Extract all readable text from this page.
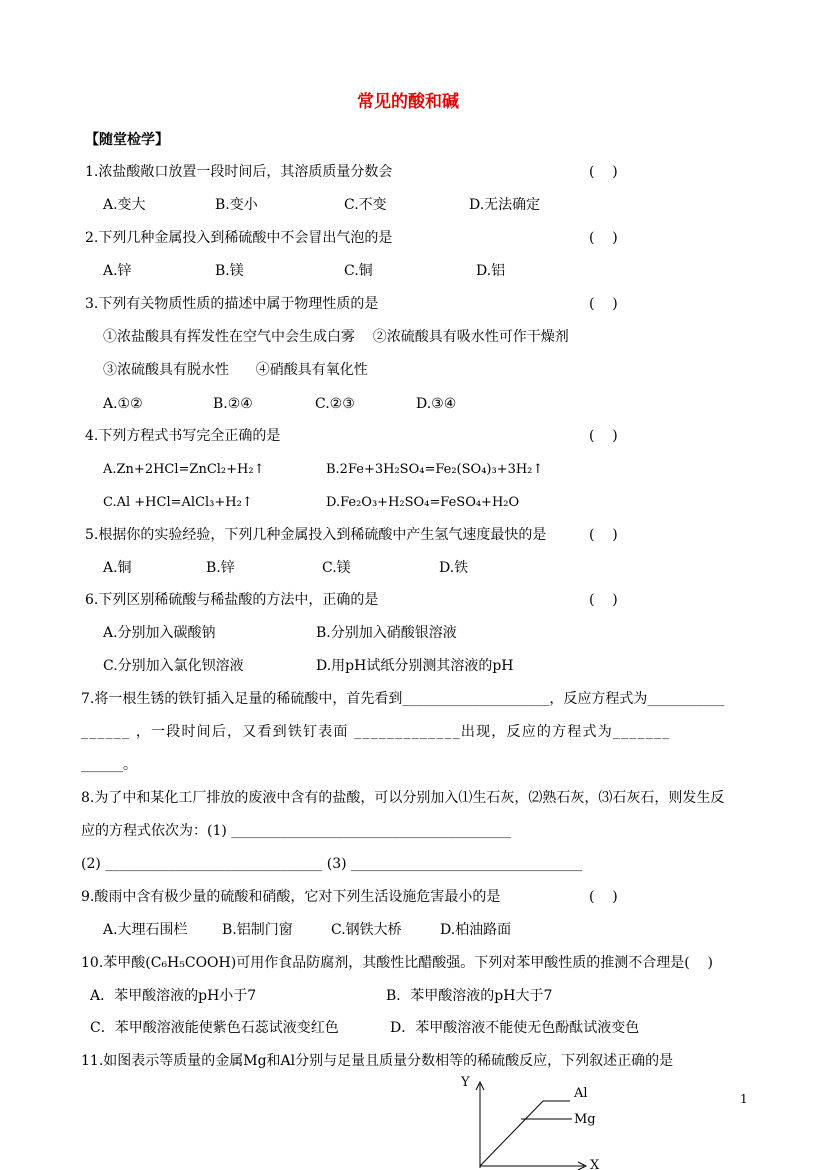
常见的酸和碱
【随堂检学】
1.浓盐酸敞口放置一段时间后，其溶质质量分数会	(    )
A.变大	B.变小	C.不变	D.无法确定
2.下列几种金属投入到稀硫酸中不会冒出气泡的是	(    )
A.锌	B.镁	C.铜	D.铝
3.下列有关物质性质的描述中属于物理性质的是	(    )
①浓盐酸具有挥发性在空气中会生成白雾    ②浓硫酸具有吸水性可作干燥剂
③浓硫酸具有脱水性      ④硝酸具有氧化性
A.①②	B.②④	C.②③	D.③④
4.下列方程式书写完全正确的是	(    )
A.Zn+2HCl=ZnCl₂+H₂↑	B.2Fe+3H₂SO₄=Fe₂(SO₄)₃+3H₂↑
C.Al +HCl=AlCl₃+H₂↑	D.Fe₂O₃+H₂SO₄=FeSO₄+H₂O
5.根据你的实验经验，下列几种金属投入到稀硫酸中产生氢气速度最快的是	(    )
A.铜	B.锌	C.镁	D.铁
6.下列区别稀硫酸与稀盐酸的方法中，正确的是	(    )
A.分别加入碳酸钠	B.分别加入硝酸银溶液
C.分别加入氯化钡溶液	D.用pH试纸分别测其溶液的pH
7.将一根生锈的铁钉插入足量的稀硫酸中，首先看到_____________________，反应方程式为___________
______ ，一段时间后，又看到铁钉表面 _____________出现，反应的方程式为_______
______。
8.为了中和某化工厂排放的废液中含有的盐酸，可以分别加入⑴生石灰，⑵熟石灰，⑶石灰石，则发生反
应的方程式依次为：(1) ________________________________________
(2) _______________________________ (3) _________________________________
9.酸雨中含有极少量的硫酸和硝酸，它对下列生活设施危害最小的是	(    )
A.大理石围栏 B.铝制门窗	C.钢铁大桥	D.柏油路面
10.苯甲酸(C₆H₅COOH)可用作食品防腐剂，其酸性比醋酸强。下列对苯甲酸性质的推测不合理是(    )
A．苯甲酸溶液的pH小于7	B．苯甲酸溶液的pH大于7
C．苯甲酸溶液能使紫色石蕊试液变红色	D．苯甲酸溶液不能使无色酚酞试液变色
11.如图表示等质量的金属Mg和Al分别与足量且质量分数相等的稀硫酸反应，下列叙述正确的是
Y
X
Al
Mg
1
